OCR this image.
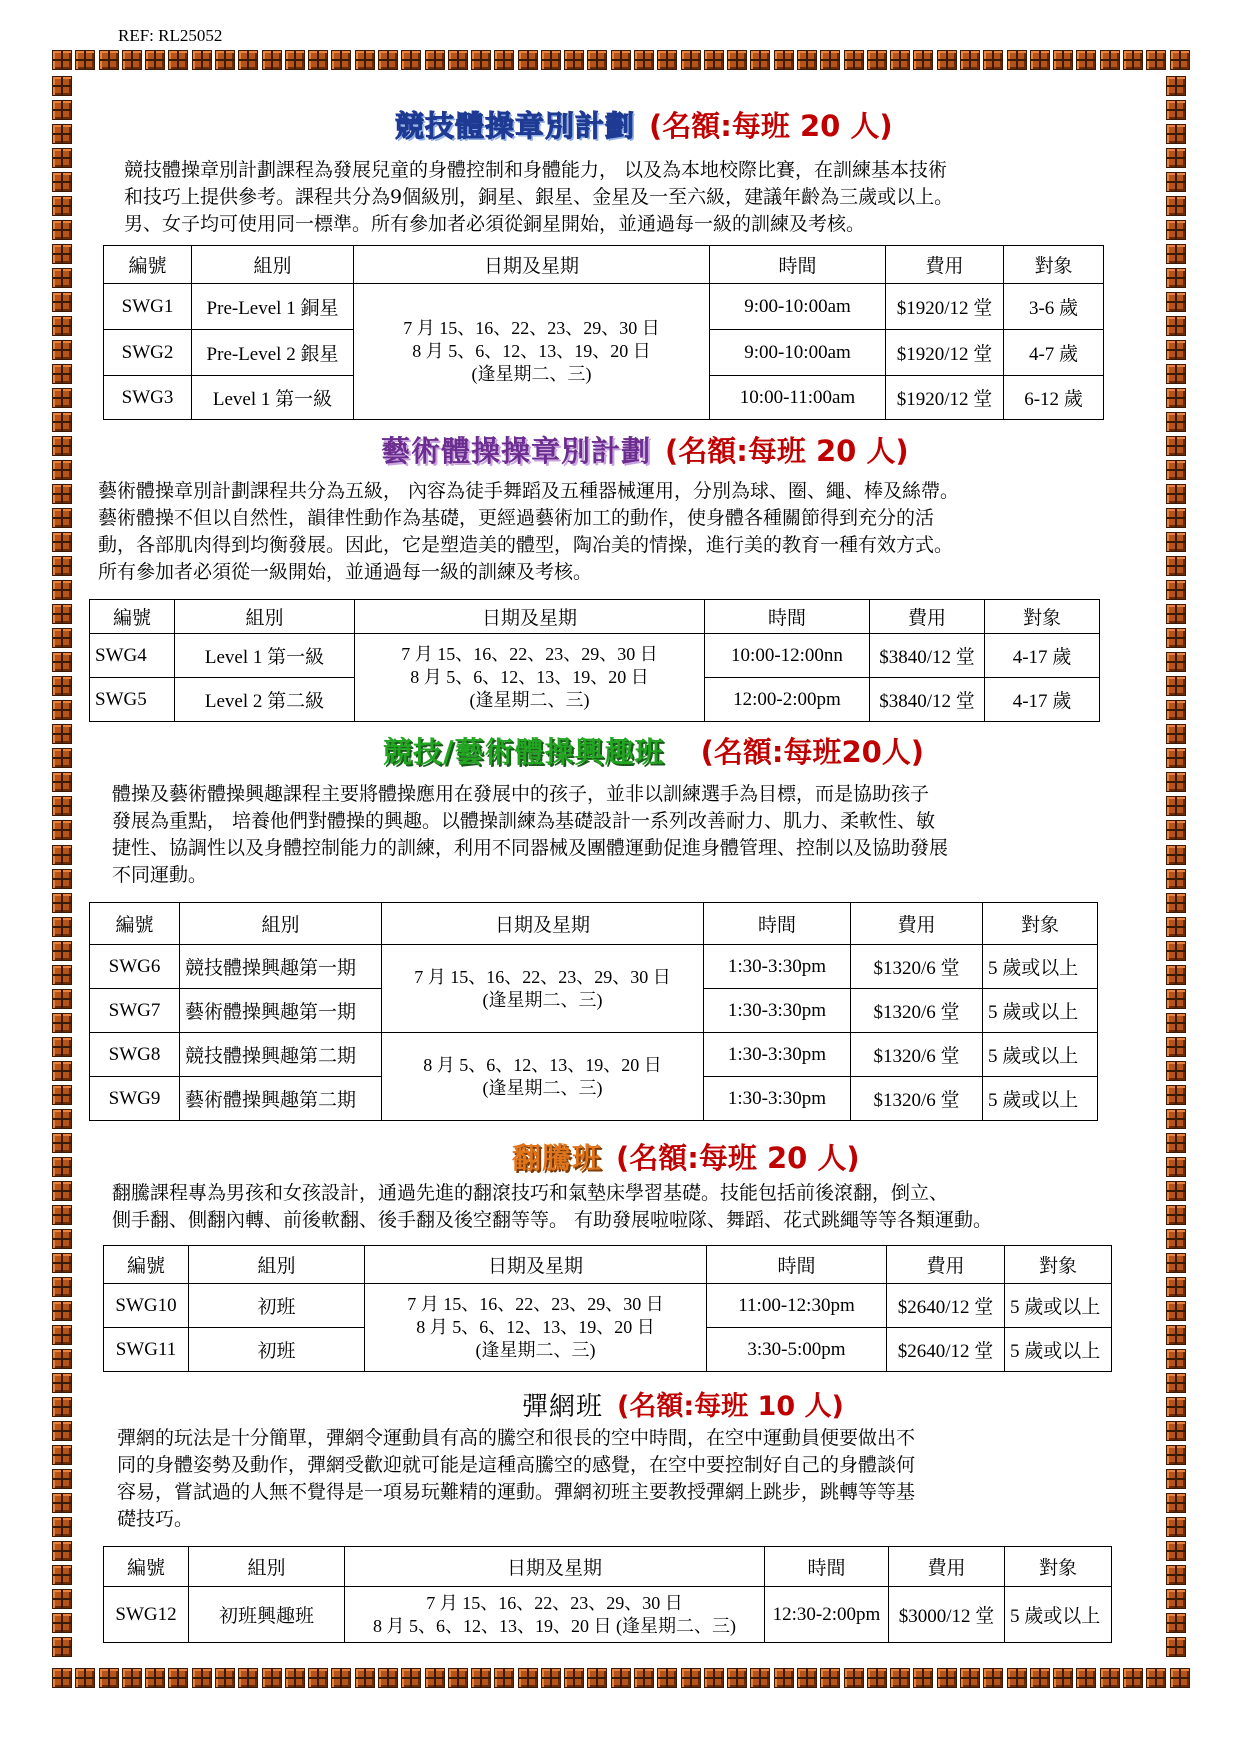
REF: RL25052
競技體操章別計劃 (名額:每班 20 人)
競技體操章別計劃課程為發展兒童的身體控制和身體能力， 以及為本地校際比賽，在訓練基本技術
和技巧上提供參考。課程共分為9個級別，銅星、銀星、金星及一至六級，建議年齡為三歲或以上。
男、女子均可使用同一標準。所有參加者必須從銅星開始，並通過每一級的訓練及考核。
編號	組別	日期及星期	時間	費用	對象
SWG1	Pre-Level 1 銅星	7 月 15、16、22、23、29、30 日
8 月 5、6、12、13、19、20 日
(逢星期二、三)	9:00-10:00am	$1920/12 堂	3-6 歲
SWG2	Pre-Level 2 銀星		9:00-10:00am	$1920/12 堂	4-7 歲
SWG3	Level 1 第一級		10:00-11:00am	$1920/12 堂	6-12 歲
藝術體操操章別計劃 (名額:每班 20 人)
藝術體操章別計劃課程共分為五級， 內容為徒手舞蹈及五種器械運用，分別為球、圈、繩、棒及絲帶。
藝術體操不但以自然性，韻律性動作為基礎，更經過藝術加工的動作，使身體各種關節得到充分的活
動，各部肌肉得到均衡發展。因此，它是塑造美的體型，陶冶美的情操，進行美的教育一種有效方式。
所有參加者必須從一級開始，並通過每一級的訓練及考核。
編號	組別	日期及星期	時間	費用	對象
SWG4	Level 1 第一級	7 月 15、16、22、23、29、30 日
8 月 5、6、12、13、19、20 日
(逢星期二、三)	10:00-12:00nn	$3840/12 堂	4-17 歲
SWG5	Level 2 第二級		12:00-2:00pm	$3840/12 堂	4-17 歲
競技/藝術體操興趣班 (名額:每班20人)
體操及藝術體操興趣課程主要將體操應用在發展中的孩子，並非以訓練選手為目標，而是協助孩子
發展為重點， 培養他們對體操的興趣。以體操訓練為基礎設計一系列改善耐力、肌力、柔軟性、敏
捷性、協調性以及身體控制能力的訓練，利用不同器械及團體運動促進身體管理、控制以及協助發展
不同運動。
編號	組別	日期及星期	時間	費用	對象
SWG6	競技體操興趣第一期	7 月 15、16、22、23、29、30 日
(逢星期二、三)	1:30-3:30pm	$1320/6 堂	5 歲或以上
SWG7	藝術體操興趣第一期		1:30-3:30pm	$1320/6 堂	5 歲或以上
SWG8	競技體操興趣第二期	8 月 5、6、12、13、19、20 日
(逢星期二、三)	1:30-3:30pm	$1320/6 堂	5 歲或以上
SWG9	藝術體操興趣第二期		1:30-3:30pm	$1320/6 堂	5 歲或以上
翻騰班 (名額:每班 20 人)
翻騰課程專為男孩和女孩設計，通過先進的翻滾技巧和氣墊床學習基礎。技能包括前後滾翻，倒立、
側手翻、側翻內轉、前後軟翻、後手翻及後空翻等等。 有助發展啦啦隊、舞蹈、花式跳繩等等各類運動。
編號	組別	日期及星期	時間	費用	對象
SWG10	初班	7 月 15、16、22、23、29、30 日
8 月 5、6、12、13、19、20 日
(逢星期二、三)	11:00-12:30pm	$2640/12 堂	5 歲或以上
SWG11	初班		3:30-5:00pm	$2640/12 堂	5 歲或以上
彈網班 (名額:每班 10 人)
彈網的玩法是十分簡單，彈網令運動員有高的騰空和很長的空中時間，在空中運動員便要做出不
同的身體姿勢及動作，彈網受歡迎就可能是這種高騰空的感覺，在空中要控制好自己的身體談何
容易，嘗試過的人無不覺得是一項易玩難精的運動。彈網初班主要教授彈網上跳步，跳轉等等基
礎技巧。
編號	組別	日期及星期	時間	費用	對象
SWG12	初班興趣班	7 月 15、16、22、23、29、30 日
8 月 5、6、12、13、19、20 日 (逢星期二、三)	12:30-2:00pm	$3000/12 堂	5 歲或以上
